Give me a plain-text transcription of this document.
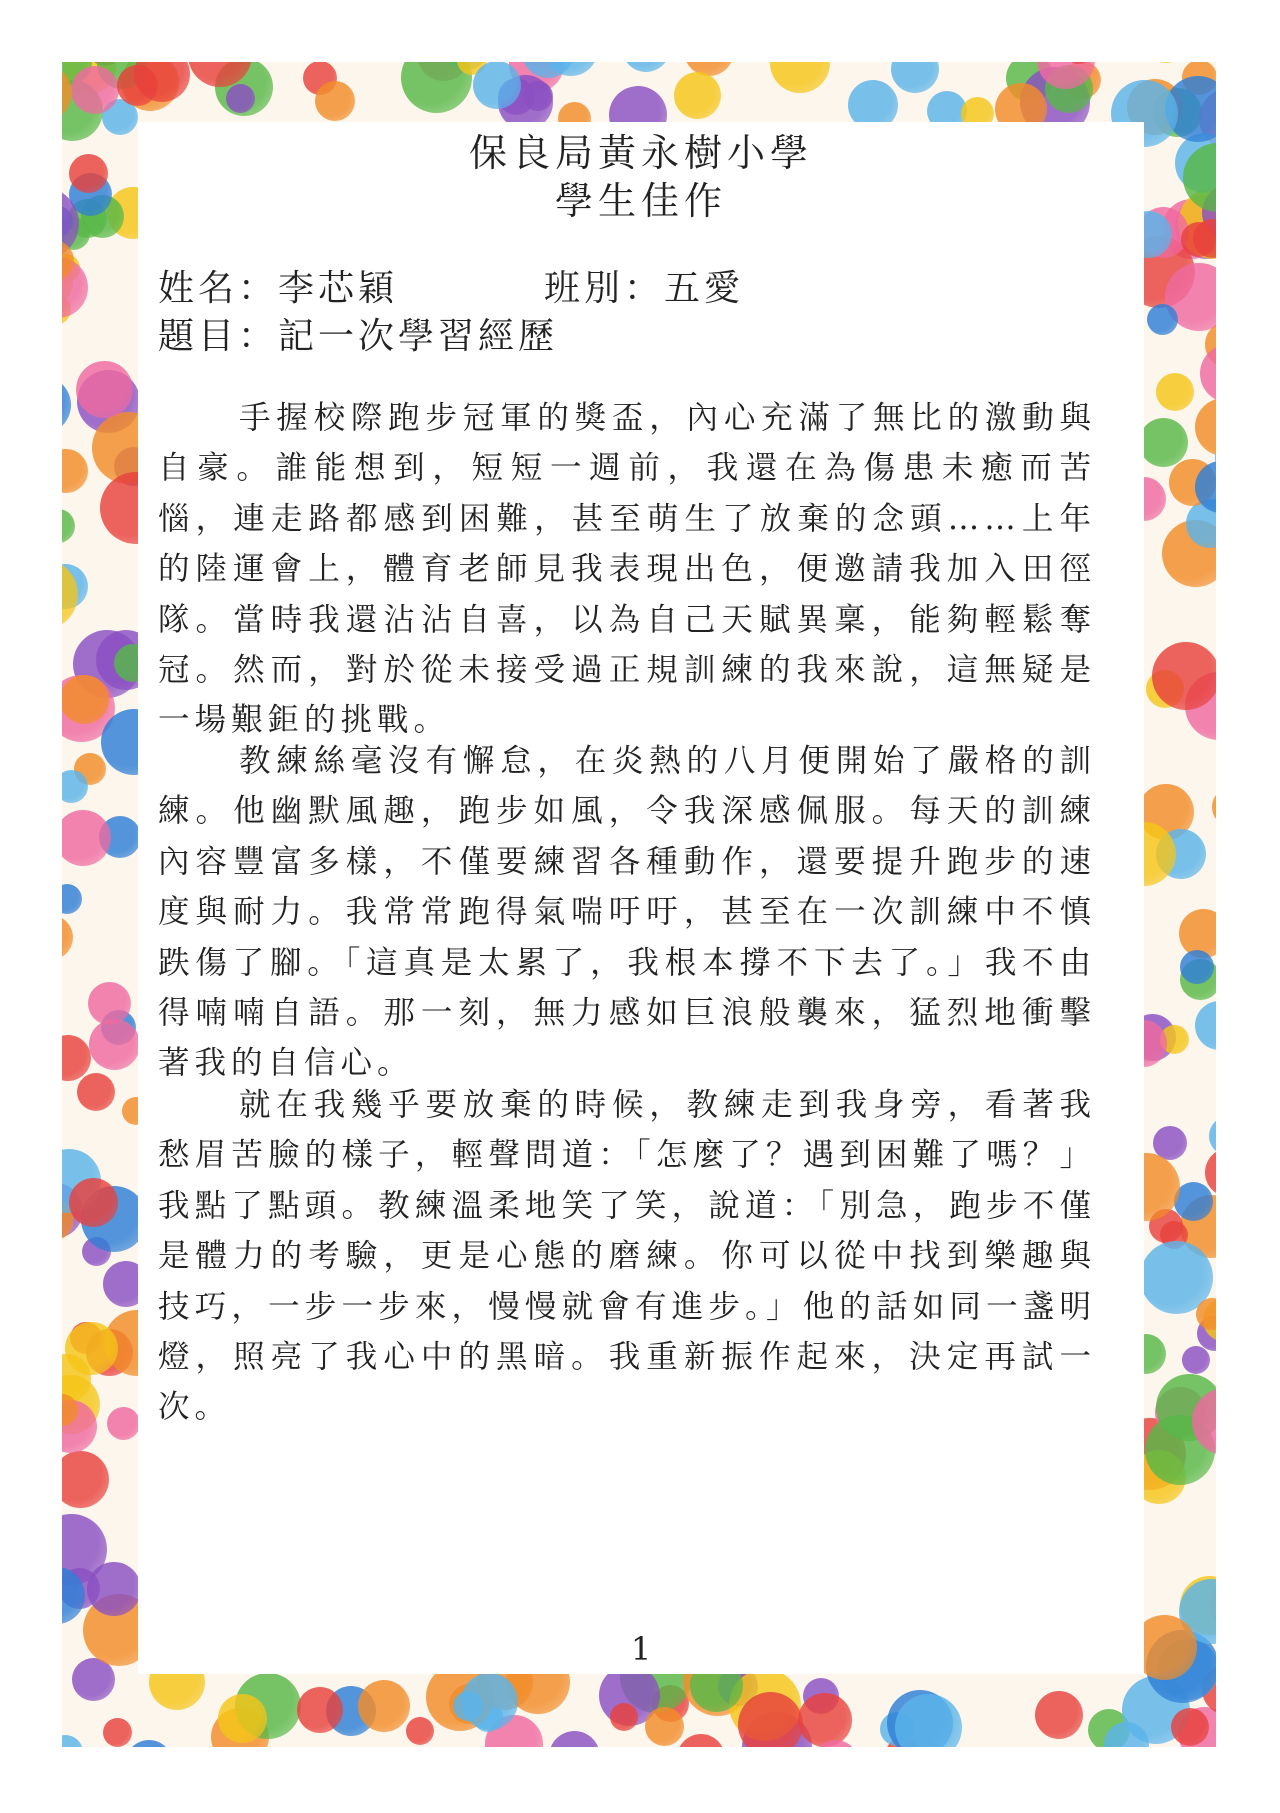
保良局黃永樹小學
學生佳作
姓名：李芯穎	班別：五愛
題目：記一次學習經歷

手握校際跑步冠軍的獎盃，內心充滿了無比的激動與自豪。誰能想到，短短一週前，我還在為傷患未癒而苦惱，連走路都感到困難，甚至萌生了放棄的念頭……上年的陸運會上，體育老師見我表現出色，便邀請我加入田徑隊。當時我還沾沾自喜，以為自己天賦異稟，能夠輕鬆奪冠。然而，對於從未接受過正規訓練的我來說，這無疑是一場艱鉅的挑戰。

教練絲毫沒有懈怠，在炎熱的八月便開始了嚴格的訓練。他幽默風趣，跑步如風，令我深感佩服。每天的訓練內容豐富多樣，不僅要練習各種動作，還要提升跑步的速度與耐力。我常常跑得氣喘吁吁，甚至在一次訓練中不慎跌傷了腳。「這真是太累了，我根本撐不下去了。」我不由得喃喃自語。那一刻，無力感如巨浪般襲來，猛烈地衝擊著我的自信心。

就在我幾乎要放棄的時候，教練走到我身旁，看著我愁眉苦臉的樣子，輕聲問道：「怎麼了？遇到困難了嗎？」我點了點頭。教練溫柔地笑了笑，說道：「別急，跑步不僅是體力的考驗，更是心態的磨練。你可以從中找到樂趣與技巧，一步一步來，慢慢就會有進步。」他的話如同一盞明燈，照亮了我心中的黑暗。我重新振作起來，決定再試一次。

1
